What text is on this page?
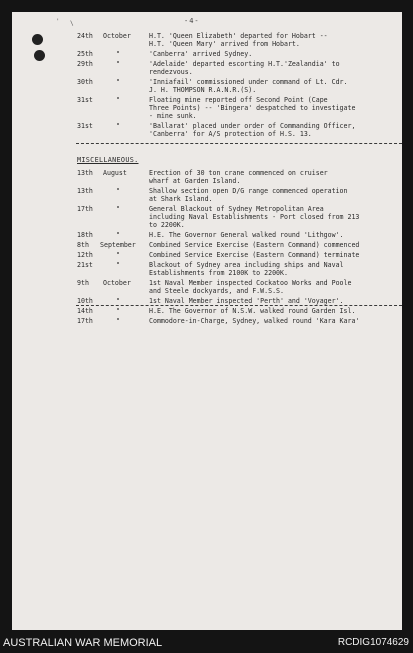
' \	-4-
24th October	H.T. 'Queen Elizabeth' departed for Hobart --
H.T. 'Queen Mary' arrived from Hobart.
25th	"	'Canberra' arrived Sydney.
29th	"	'Adelaide' departed escorting H.T.'Zealandia' to
rendezvous.
30th	"	'Inniafail' commissioned under command of Lt. Cdr.
J. H. THOMPSON R.A.N.R.(S).
31st	"	Floating mine reported off Second Point (Cape
Three Points) -- 'Bingera' despatched to investigate
- mine sunk.
31st	"	'Ballarat' placed under order of Commanding Officer,
'Canberra' for A/S protection of H.S. 13.
MISCELLANEOUS.
13th August	Erection of 30 ton crane commenced on cruiser
wharf at Garden Island.
13th	"	Shallow section open D/G range commenced operation
at Shark Island.
17th	"	General Blackout of Sydney Metropolitan Area
including Naval Establishments - Port closed from 213
to 2200K.
18th	"	H.E. The Governor General walked round 'Lithgow'.
8th September Combined Service Exercise (Eastern Command) commenced
12th	"	Combined Service Exercise (Eastern Command) terminate
21st	"	Blackout of Sydney area including ships and Naval
Establishments from 2100K to 2200K.
9th October	1st Naval Member inspected Cockatoo Works and Poole
and Steele dockyards, and F.W.S.S.
10th	"	1st Naval Member inspected 'Perth' and 'Voyager'.
14th	"	H.E. The Governor of N.S.W. walked round Garden Isl.
17th	"	Commodore-in-Charge, Sydney, walked round 'Kara Kara'
AUSTRALIAN WAR MEMORIAL	RCDIG1074629
